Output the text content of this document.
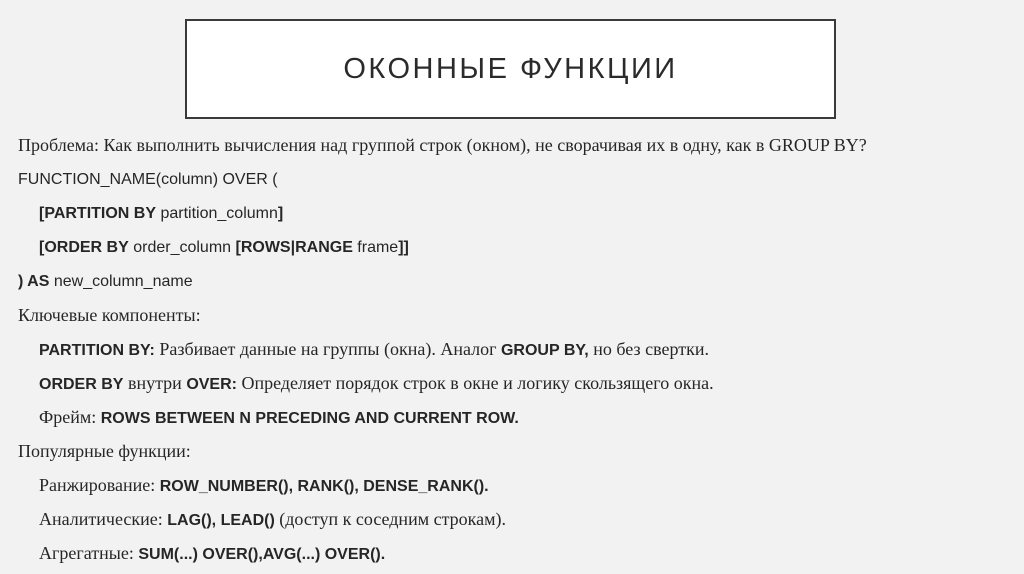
ОКОННЫЕ ФУНКЦИИ
Проблема: Как выполнить вычисления над группой строк (окном), не сворачивая их в одну, как в GROUP BY?
FUNCTION_NAME(column) OVER (
[PARTITION BY partition_column]
[ORDER BY order_column [ROWS|RANGE frame]]
) AS new_column_name
Ключевые компоненты:
PARTITION BY: Разбивает данные на группы (окна). Аналог GROUP BY, но без свертки.
ORDER BY внутри OVER: Определяет порядок строк в окне и логику скользящего окна.
Фрейм: ROWS BETWEEN N PRECEDING AND CURRENT ROW.
Популярные функции:
Ранжирование: ROW_NUMBER(), RANK(), DENSE_RANK().
Аналитические: LAG(), LEAD() (доступ к соседним строкам).
Агрегатные: SUM(...) OVER(),AVG(...) OVER().
